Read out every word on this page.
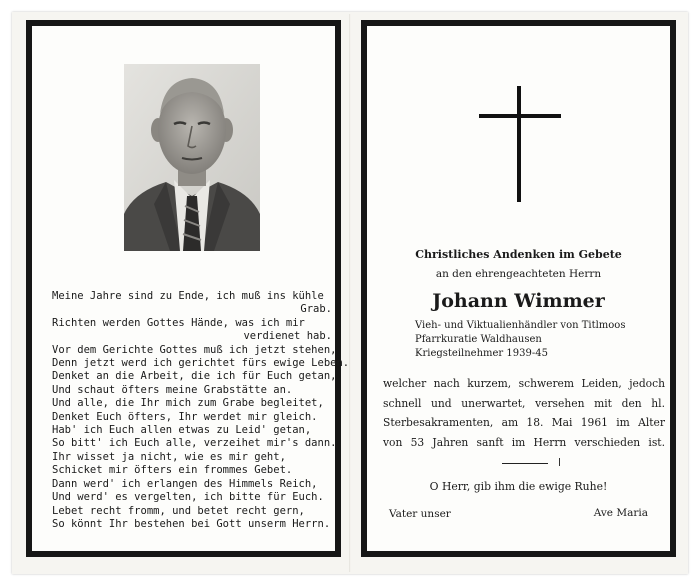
Meine Jahre sind zu Ende, ich muß ins kühle
Grab.
Richten werden Gottes Hände, was ich mir
verdienet hab.
Vor dem Gerichte Gottes muß ich jetzt stehen,
Denn jetzt werd ich gerichtet fürs ewige Leben.
Denket an die Arbeit, die ich für Euch getan,
Und schaut öfters meine Grabstätte an.
Und alle, die Ihr mich zum Grabe begleitet,
Denket Euch öfters, Ihr werdet mir gleich.
Hab' ich Euch allen etwas zu Leid' getan,
So bitt' ich Euch alle, verzeihet mir's dann.
Ihr wisset ja nicht, wie es mir geht,
Schicket mir öfters ein frommes Gebet.
Dann werd' ich erlangen des Himmels Reich,
Und werd' es vergelten, ich bitte für Euch.
Lebet recht fromm, und betet recht gern,
So könnt Ihr bestehen bei Gott unserm Herrn.
Christliches Andenken im Gebete
an den ehrengeachteten Herrn
Johann Wimmer
Vieh- und Viktualienhändler von Titlmoos
Pfarrkuratie Waldhausen
Kriegsteilnehmer 1939-45
welcher nach kurzem, schwerem Leiden, jedoch
schnell und unerwartet, versehen mit den hl.
Sterbesakramenten, am 18. Mai 1961 im Alter
von 53 Jahren sanft im Herrn verschieden ist.
O Herr, gib ihm die ewige Ruhe!
Vater unser	Ave Maria
